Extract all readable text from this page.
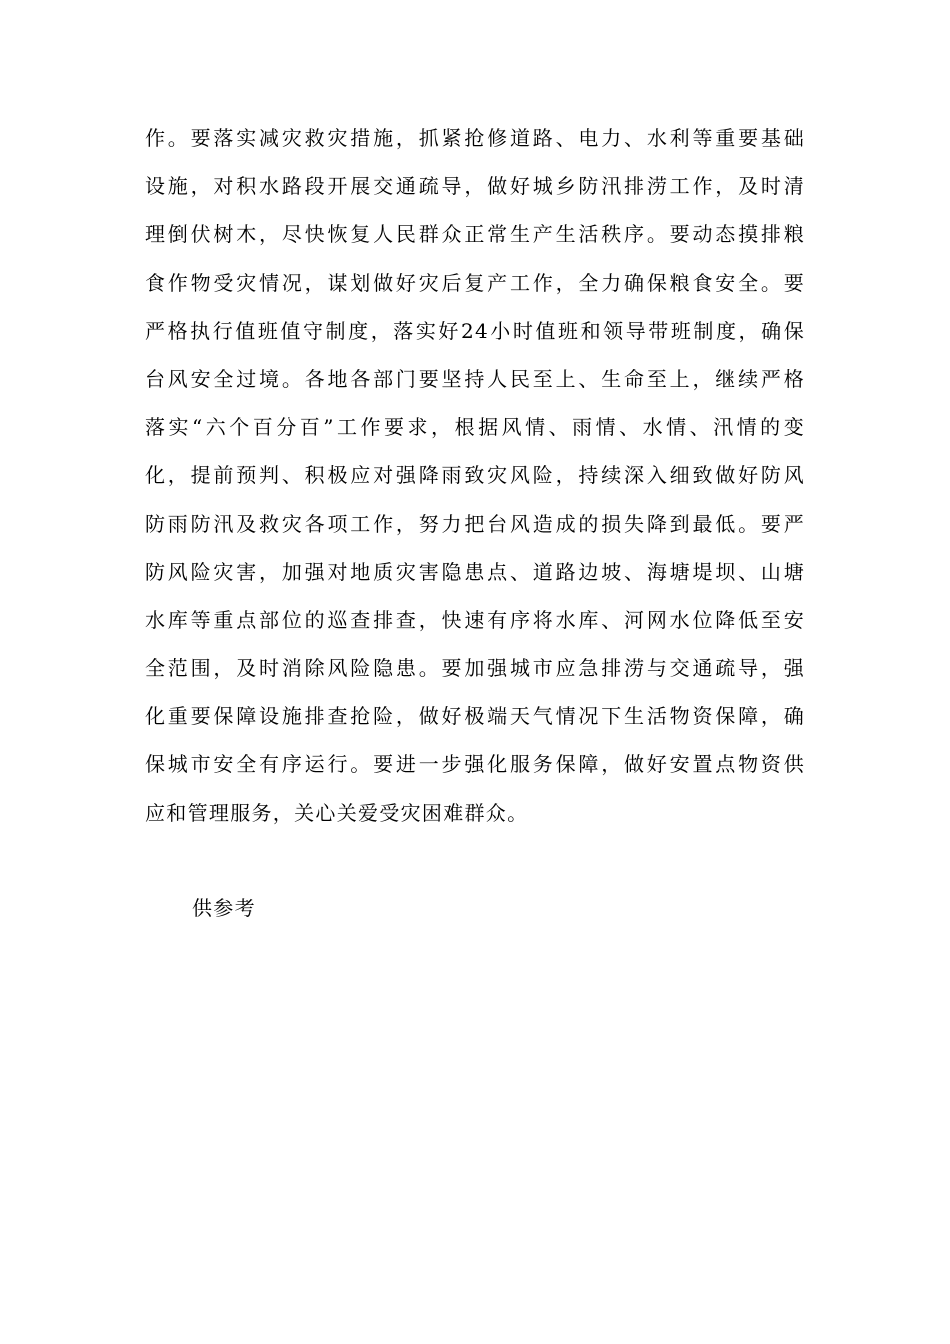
作。要落实减灾救灾措施，抓紧抢修道路、电力、水利等重要基础
设施，对积水路段开展交通疏导，做好城乡防汛排涝工作，及时清
理倒伏树木，尽快恢复人民群众正常生产生活秩序。要动态摸排粮
食作物受灾情况，谋划做好灾后复产工作，全力确保粮食安全。要
严格执行值班值守制度，落实好24小时值班和领导带班制度，确保
台风安全过境。各地各部门要坚持人民至上、生命至上，继续严格
落实“六个百分百”工作要求，根据风情、雨情、水情、汛情的变
化，提前预判、积极应对强降雨致灾风险，持续深入细致做好防风
防雨防汛及救灾各项工作，努力把台风造成的损失降到最低。要严
防风险灾害，加强对地质灾害隐患点、道路边坡、海塘堤坝、山塘
水库等重点部位的巡查排查，快速有序将水库、河网水位降低至安
全范围，及时消除风险隐患。要加强城市应急排涝与交通疏导，强
化重要保障设施排查抢险，做好极端天气情况下生活物资保障，确
保城市安全有序运行。要进一步强化服务保障，做好安置点物资供
应和管理服务，关心关爱受灾困难群众。

供参考
